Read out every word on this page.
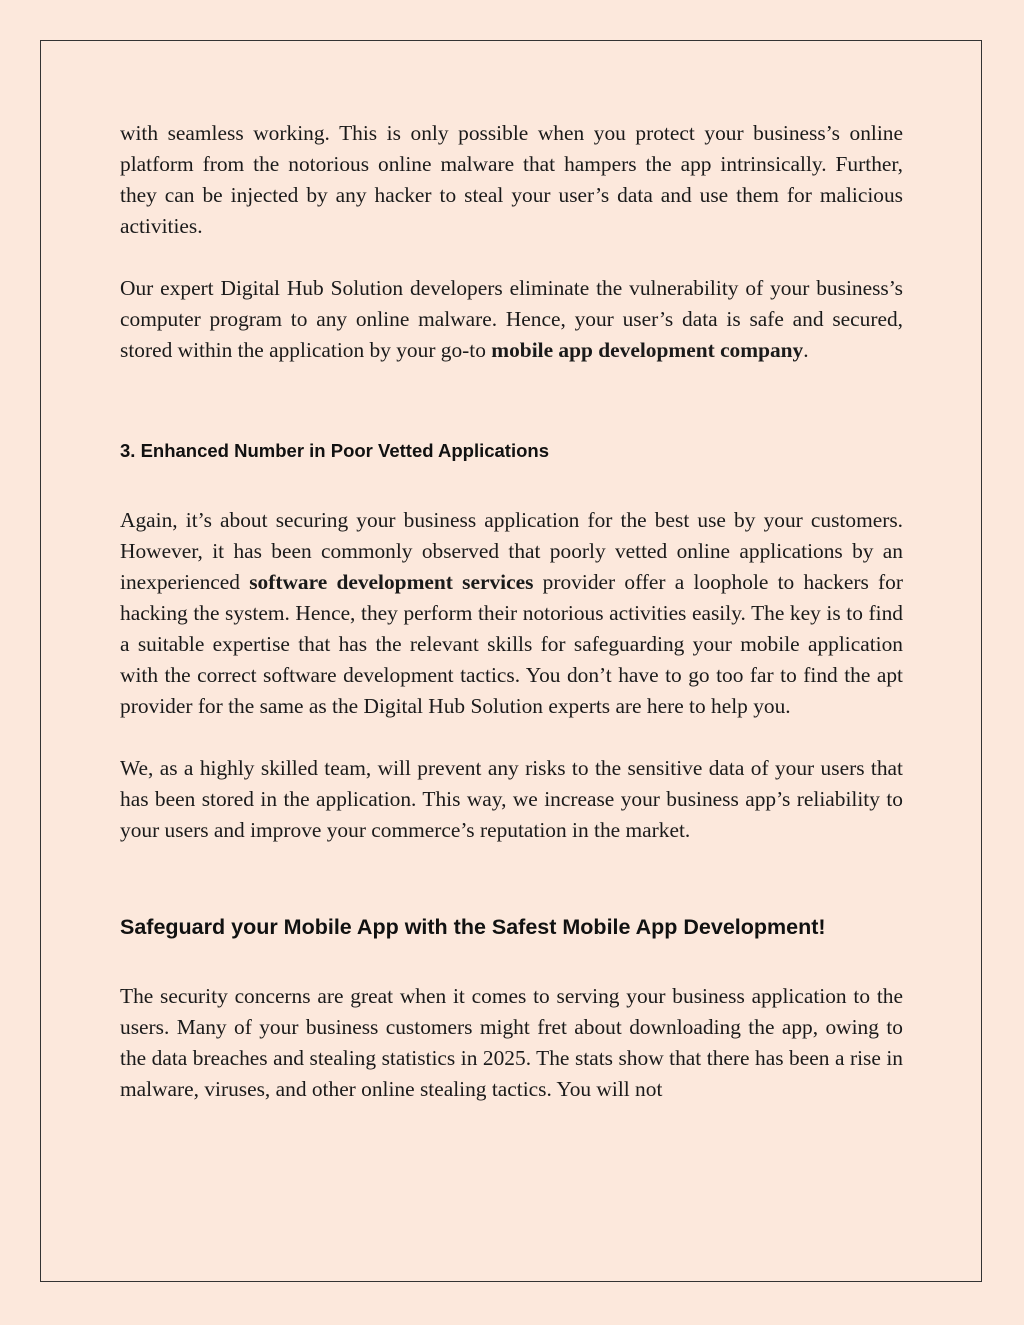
with seamless working. This is only possible when you protect your business’s online platform from the notorious online malware that hampers the app intrinsically. Further, they can be injected by any hacker to steal your user’s data and use them for malicious activities.

Our expert Digital Hub Solution developers eliminate the vulnerability of your business’s computer program to any online malware. Hence, your user’s data is safe and secured, stored within the application by your go-to mobile app development company.

3. Enhanced Number in Poor Vetted Applications

Again, it’s about securing your business application for the best use by your customers. However, it has been commonly observed that poorly vetted online applications by an inexperienced software development services provider offer a loophole to hackers for hacking the system. Hence, they perform their notorious activities easily. The key is to find a suitable expertise that has the relevant skills for safeguarding your mobile application with the correct software development tactics. You don’t have to go too far to find the apt provider for the same as the Digital Hub Solution experts are here to help you.

We, as a highly skilled team, will prevent any risks to the sensitive data of your users that has been stored in the application. This way, we increase your business app’s reliability to your users and improve your commerce’s reputation in the market.

Safeguard your Mobile App with the Safest Mobile App Development!

The security concerns are great when it comes to serving your business application to the users. Many of your business customers might fret about downloading the app, owing to the data breaches and stealing statistics in 2025. The stats show that there has been a rise in malware, viruses, and other online stealing tactics. You will not
